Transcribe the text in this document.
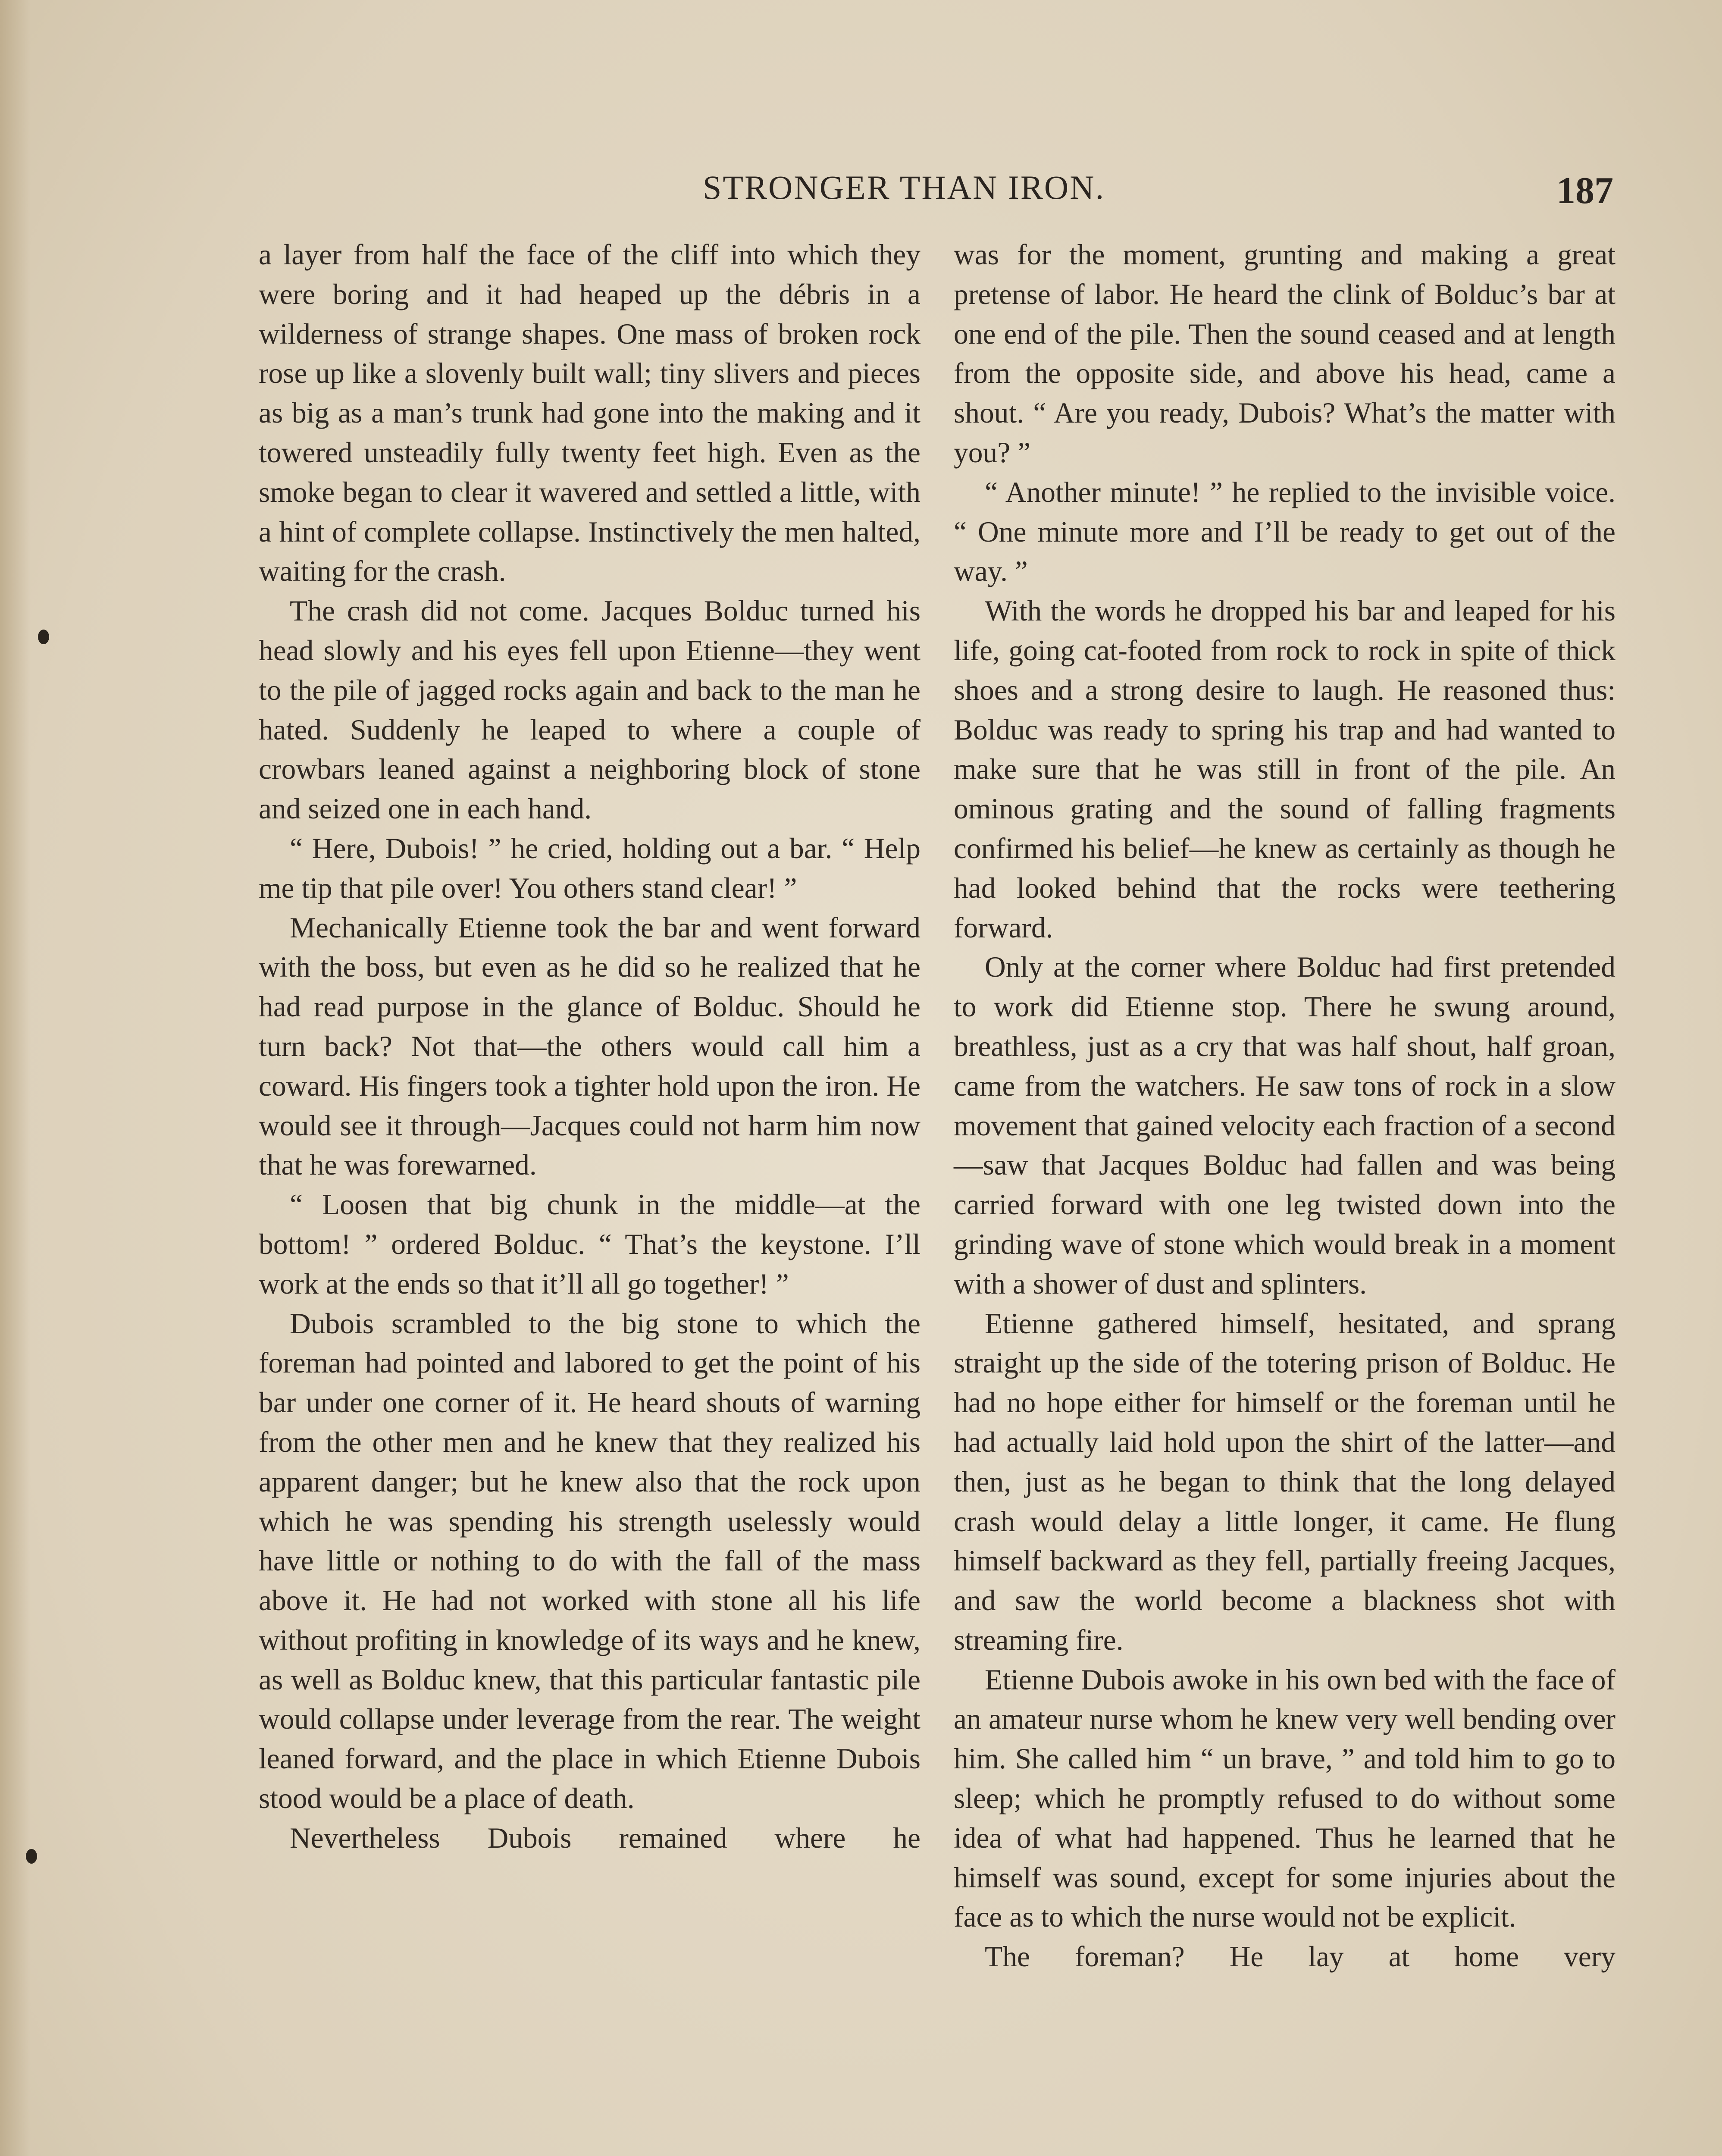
STRONGER THAN IRON.	187

a layer from half the face of the cliff into which they were boring and it had heaped up the débris in a wilderness of strange shapes. One mass of broken rock rose up like a slovenly built wall; tiny slivers and pieces as big as a man’s trunk had gone into the making and it towered unsteadily fully twenty feet high. Even as the smoke began to clear it wavered and settled a little, with a hint of complete collapse. Instinctively the men halted, waiting for the crash.

The crash did not come. Jacques Bolduc turned his head slowly and his eyes fell upon Etienne—they went to the pile of jagged rocks again and back to the man he hated. Suddenly he leaped to where a couple of crowbars leaned against a neighboring block of stone and seized one in each hand.

“ Here, Dubois! ” he cried, holding out a bar. “ Help me tip that pile over! You others stand clear! ”

Mechanically Etienne took the bar and went forward with the boss, but even as he did so he realized that he had read purpose in the glance of Bolduc. Should he turn back? Not that—the others would call him a coward. His fingers took a tighter hold upon the iron. He would see it through—Jacques could not harm him now that he was forewarned.

“ Loosen that big chunk in the middle—at the bottom! ” ordered Bolduc. “ That’s the keystone. I’ll work at the ends so that it’ll all go together! ”

Dubois scrambled to the big stone to which the foreman had pointed and labored to get the point of his bar under one corner of it. He heard shouts of warning from the other men and he knew that they realized his apparent danger; but he knew also that the rock upon which he was spending his strength uselessly would have little or nothing to do with the fall of the mass above it. He had not worked with stone all his life without profiting in knowledge of its ways and he knew, as well as Bolduc knew, that this particular fantastic pile would collapse under leverage from the rear. The weight leaned forward, and the place in which Etienne Dubois stood would be a place of death.

Nevertheless Dubois remained where he

was for the moment, grunting and making a great pretense of labor. He heard the clink of Bolduc’s bar at one end of the pile. Then the sound ceased and at length from the opposite side, and above his head, came a shout. “ Are you ready, Dubois? What’s the matter with you? ”

“ Another minute! ” he replied to the invisible voice. “ One minute more and I’ll be ready to get out of the way. ”

With the words he dropped his bar and leaped for his life, going cat-footed from rock to rock in spite of thick shoes and a strong desire to laugh. He reasoned thus: Bolduc was ready to spring his trap and had wanted to make sure that he was still in front of the pile. An ominous grating and the sound of falling fragments confirmed his belief—he knew as certainly as though he had looked behind that the rocks were teethering forward.

Only at the corner where Bolduc had first pretended to work did Etienne stop. There he swung around, breathless, just as a cry that was half shout, half groan, came from the watchers. He saw tons of rock in a slow movement that gained velocity each fraction of a second—saw that Jacques Bolduc had fallen and was being carried forward with one leg twisted down into the grinding wave of stone which would break in a moment with a shower of dust and splinters.

Etienne gathered himself, hesitated, and sprang straight up the side of the totering prison of Bolduc. He had no hope either for himself or the foreman until he had actually laid hold upon the shirt of the latter—and then, just as he began to think that the long delayed crash would delay a little longer, it came. He flung himself backward as they fell, partially freeing Jacques, and saw the world become a blackness shot with streaming fire.

Etienne Dubois awoke in his own bed with the face of an amateur nurse whom he knew very well bending over him. She called him “ un brave, ” and told him to go to sleep; which he promptly refused to do without some idea of what had happened. Thus he learned that he himself was sound, except for some injuries about the face as to which the nurse would not be explicit.

The foreman? He lay at home very
